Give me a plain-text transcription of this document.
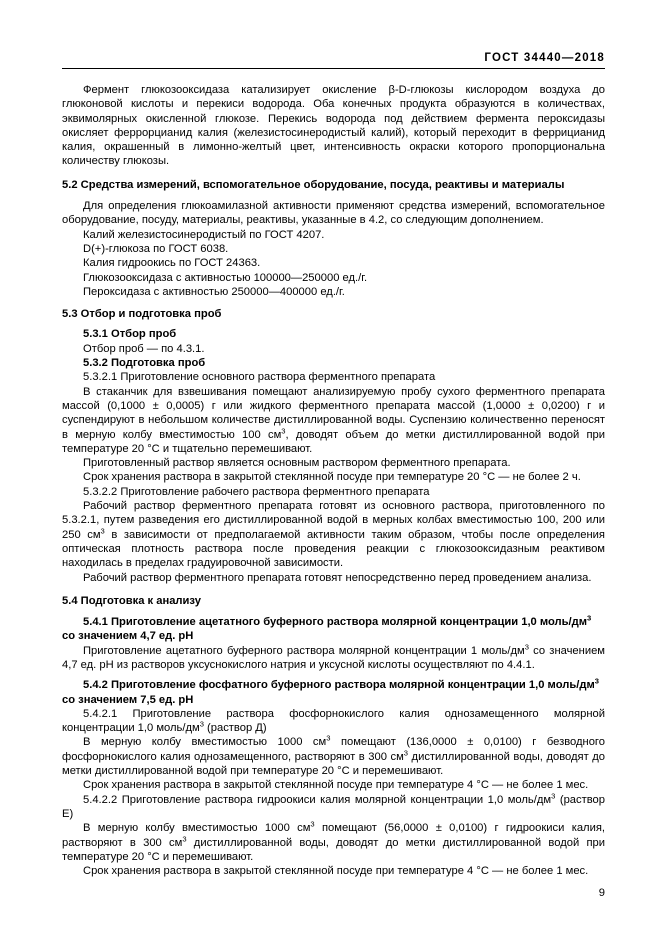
ГОСТ 34440—2018

Фермент глюкозооксидаза катализирует окисление β-D-глюкозы кислородом воздуха до глюконовой кислоты и перекиси водорода. Оба конечных продукта образуются в количествах, эквимолярных окисленной глюкозе. Перекись водорода под действием фермента пероксидазы окисляет феррорцианид калия (железистосинеродистый калий), который переходит в феррицианид калия, окрашенный в лимонно-желтый цвет, интенсивность окраски которого пропорциональна количеству глюкозы.

5.2 Средства измерений, вспомогательное оборудование, посуда, реактивы и материалы

Для определения глюкоамилазной активности применяют средства измерений, вспомогательное оборудование, посуду, материалы, реактивы, указанные в 4.2, со следующим дополнением.

Калий железистосинеродистый по ГОСТ 4207.

D(+)-глюкоза по ГОСТ 6038.

Калия гидроокись по ГОСТ 24363.

Глюкозооксидаза с активностью 100000—250000 ед./г.

Пероксидаза с активностью 250000—400000 ед./г.

5.3 Отбор и подготовка проб
5.3.1 Отбор проб

Отбор проб — по 4.3.1.

5.3.2 Подготовка проб

5.3.2.1 Приготовление основного раствора ферментного препарата

В стаканчик для взвешивания помещают анализируемую пробу сухого ферментного препарата массой (0,1000 ± 0,0005) г или жидкого ферментного препарата массой (1,0000 ± 0,0200) г и суспендируют в небольшом количестве дистиллированной воды. Суспензию количественно переносят в мерную колбу вместимостью 100 $см^3$, доводят объем до метки дистиллированной водой при температуре 20 °С и тщательно перемешивают.

Приготовленный раствор является основным раствором ферментного препарата.

Срок хранения раствора в закрытой стеклянной посуде при температуре 20 °С — не более 2 ч.

5.3.2.2 Приготовление рабочего раствора ферментного препарата

Рабочий раствор ферментного препарата готовят из основного раствора, приготовленного по 5.3.2.1, путем разведения его дистиллированной водой в мерных колбах вместимостью 100, 200 или 250 $см^3$ в зависимости от предполагаемой активности таким образом, чтобы после определения оптическая плотность раствора после проведения реакции с глюкозооксидазным реактивом находилась в пределах градуировочной зависимости.

Рабочий раствор ферментного препарата готовят непосредственно перед проведением анализа.

5.4 Подготовка к анализу
5.4.1 Приготовление ацетатного буферного раствора молярной концентрации 1,0 моль/$дм^3$
со значением 4,7 ед. рН

Приготовление ацетатного буферного раствора молярной концентрации 1 моль/$дм^3$ со значением 4,7 ед. рН из растворов уксуснокислого натрия и уксусной кислоты осуществляют по 4.4.1.

5.4.2 Приготовление фосфатного буферного раствора молярной концентрации 1,0 моль/$дм^3$
со значением 7,5 ед. рН

5.4.2.1 Приготовление раствора фосфорнокислого калия однозамещенного молярной концентрации 1,0 моль/$дм^3$ (раствор Д)

В мерную колбу вместимостью 1000 $см^3$ помещают (136,0000 ± 0,0100) г безводного фосфорнокислого калия однозамещенного, растворяют в 300 $см^3$ дистиллированной воды, доводят до метки дистиллированной водой при температуре 20 °С и перемешивают.

Срок хранения раствора в закрытой стеклянной посуде при температуре 4 °С — не более 1 мес.

5.4.2.2 Приготовление раствора гидроокиси калия молярной концентрации 1,0 моль/$дм^3$ (раствор Е)

В мерную колбу вместимостью 1000 $см^3$ помещают (56,0000 ± 0,0100) г гидроокиси калия, растворяют в 300 $см^3$ дистиллированной воды, доводят до метки дистиллированной водой при температуре 20 °С и перемешивают.

Срок хранения раствора в закрытой стеклянной посуде при температуре 4 °С — не более 1 мес.

9
